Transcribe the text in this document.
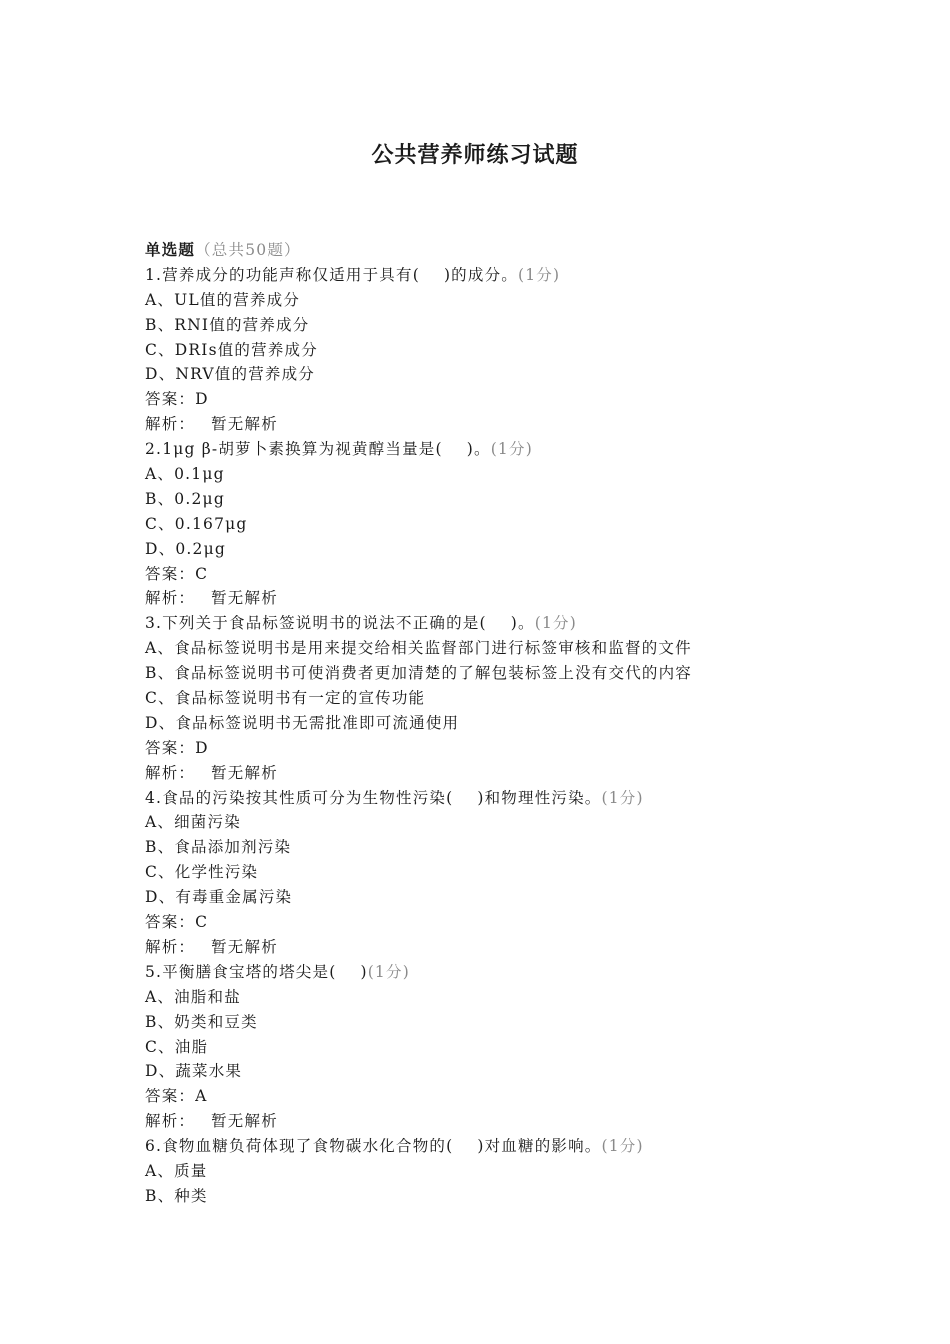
公共营养师练习试题
单选题（总共50题）
1.营养成分的功能声称仅适用于具有( )的成分。(1分)
A、UL值的营养成分
B、RNI值的营养成分
C、DRIs值的营养成分
D、NRV值的营养成分
答案：D
解析： 暂无解析
2.1μg β-胡萝卜素换算为视黄醇当量是( )。(1分)
A、0.1μg
B、0.2μg
C、0.167μg
D、0.2μg
答案：C
解析： 暂无解析
3.下列关于食品标签说明书的说法不正确的是( )。(1分)
A、食品标签说明书是用来提交给相关监督部门进行标签审核和监督的文件
B、食品标签说明书可使消费者更加清楚的了解包装标签上没有交代的内容
C、食品标签说明书有一定的宣传功能
D、食品标签说明书无需批准即可流通使用
答案：D
解析： 暂无解析
4.食品的污染按其性质可分为生物性污染( )和物理性污染。(1分)
A、细菌污染
B、食品添加剂污染
C、化学性污染
D、有毒重金属污染
答案：C
解析： 暂无解析
5.平衡膳食宝塔的塔尖是( )(1分)
A、油脂和盐
B、奶类和豆类
C、油脂
D、蔬菜水果
答案：A
解析： 暂无解析
6.食物血糖负荷体现了食物碳水化合物的( )对血糖的影响。(1分)
A、质量
B、种类
